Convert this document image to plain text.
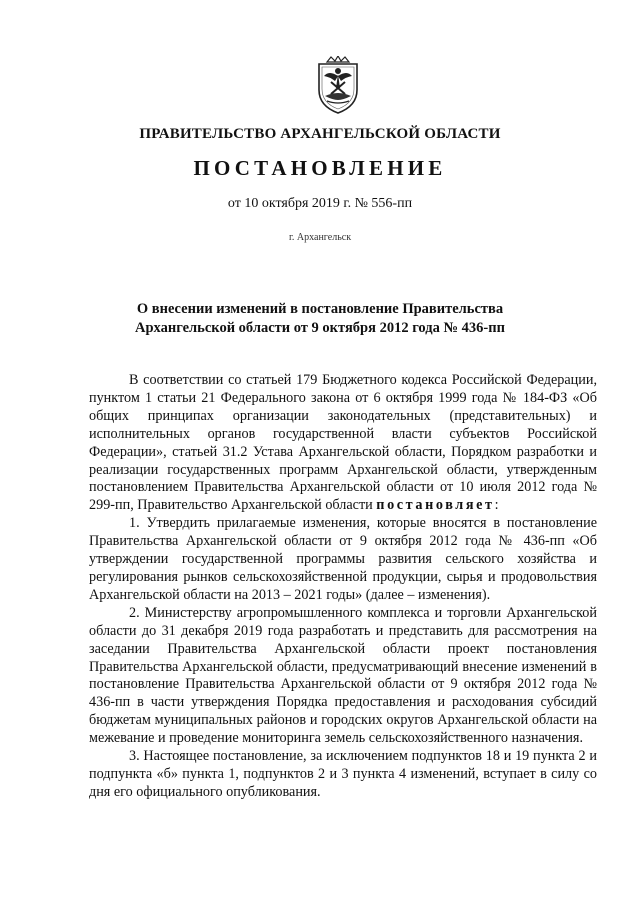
ПРАВИТЕЛЬСТВО АРХАНГЕЛЬСКОЙ ОБЛАСТИ
ПОСТАНОВЛЕНИЕ
от 10 октября 2019 г. № 556-пп
г. Архангельск
О внесении изменений в постановление Правительства
Архангельской области от 9 октября 2012 года № 436-пп

В соответствии со статьей 179 Бюджетного кодекса Российской Федерации, пунктом 1 статьи 21 Федерального закона от 6 октября 1999 года № 184-ФЗ «Об общих принципах организации законодательных (представительных) и исполнительных органов государственной власти субъектов Российской Федерации», статьей 31.2 Устава Архангельской области, Порядком разработки и реализации государственных программ Архангельской области, утвержденным постановлением Правительства Архангельской области от 10 июля 2012 года № 299-пп, Правительство Архангельской области постановляет:

1. Утвердить прилагаемые изменения, которые вносятся в постановление Правительства Архангельской области от 9 октября 2012 года № 436-пп «Об утверждении государственной программы развития сельского хозяйства и регулирования рынков сельскохозяйственной продукции, сырья и продовольствия Архангельской области на 2013 – 2021 годы» (далее – изменения).

2. Министерству агропромышленного комплекса и торговли Архангельской области до 31 декабря 2019 года разработать и представить для рассмотрения на заседании Правительства Архангельской области проект постановления Правительства Архангельской области, предусматривающий внесение изменений в постановление Правительства Архангельской области от 9 октября 2012 года № 436-пп в части утверждения Порядка предоставления и расходования субсидий бюджетам муниципальных районов и городских округов Архангельской области на межевание и проведение мониторинга земель сельскохозяйственного назначения.

3. Настоящее постановление, за исключением подпунктов 18 и 19 пункта 2 и подпункта «б» пункта 1, подпунктов 2 и 3 пункта 4 изменений, вступает в силу со дня его официального опубликования.
